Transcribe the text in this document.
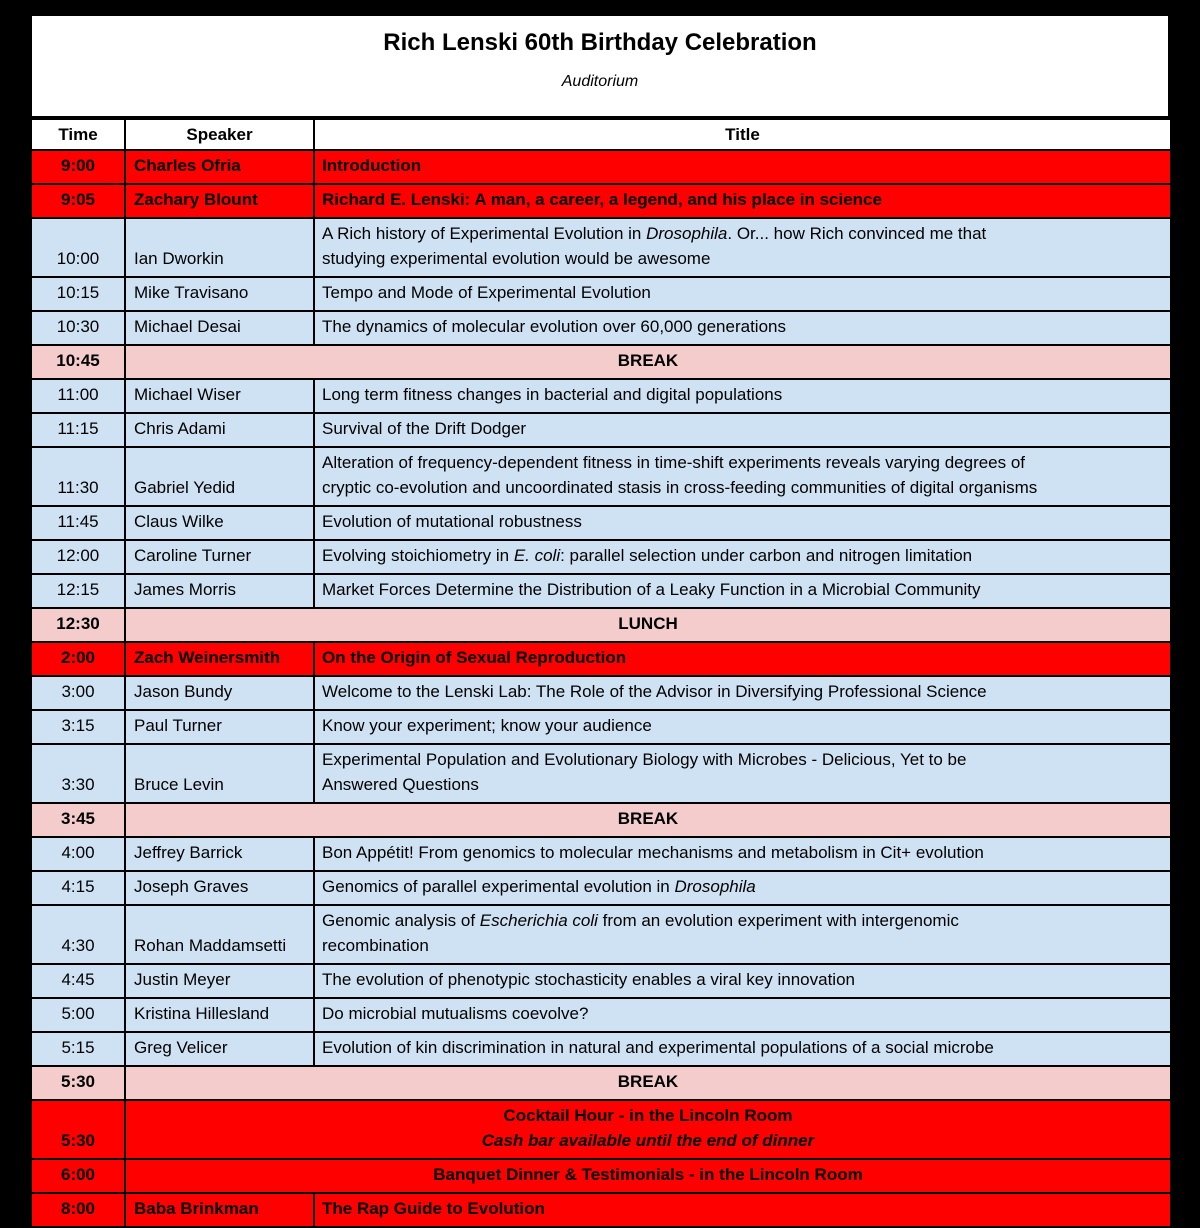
Rich Lenski 60th Birthday Celebration
Auditorium
Time	Speaker	Title
9:00	Charles Ofria	Introduction
9:05	Zachary Blount	Richard E. Lenski: A man, a career, a legend, and his place in science
10:00	Ian Dworkin	A Rich history of Experimental Evolution in Drosophila. Or... how Rich convinced me that
studying experimental evolution would be awesome
10:15	Mike Travisano	Tempo and Mode of Experimental Evolution
10:30	Michael Desai	The dynamics of molecular evolution over 60,000 generations
10:45	BREAK	
11:00	Michael Wiser	Long term fitness changes in bacterial and digital populations
11:15	Chris Adami	Survival of the Drift Dodger
11:30	Gabriel Yedid	Alteration of frequency-dependent fitness in time-shift experiments reveals varying degrees of
cryptic co-evolution and uncoordinated stasis in cross-feeding communities of digital organisms
11:45	Claus Wilke	Evolution of mutational robustness
12:00	Caroline Turner	Evolving stoichiometry in E. coli: parallel selection under carbon and nitrogen limitation
12:15	James Morris	Market Forces Determine the Distribution of a Leaky Function in a Microbial Community
12:30	LUNCH	
2:00	Zach Weinersmith	On the Origin of Sexual Reproduction
3:00	Jason Bundy	Welcome to the Lenski Lab: The Role of the Advisor in Diversifying Professional Science
3:15	Paul Turner	Know your experiment; know your audience
3:30	Bruce Levin	Experimental Population and Evolutionary Biology with Microbes - Delicious, Yet to be
Answered Questions
3:45	BREAK	
4:00	Jeffrey Barrick	Bon Appétit! From genomics to molecular mechanisms and metabolism in Cit+ evolution
4:15	Joseph Graves	Genomics of parallel experimental evolution in Drosophila
4:30	Rohan Maddamsetti	Genomic analysis of Escherichia coli from an evolution experiment with intergenomic
recombination
4:45	Justin Meyer	The evolution of phenotypic stochasticity enables a viral key innovation
5:00	Kristina Hillesland	Do microbial mutualisms coevolve?
5:15	Greg Velicer	Evolution of kin discrimination in natural and experimental populations of a social microbe
5:30	BREAK	
5:30	Cocktail Hour - in the Lincoln Room
Cash bar available until the end of dinner	

6:00	Banquet Dinner & Testimonials - in the Lincoln Room	
8:00	Baba Brinkman	The Rap Guide to Evolution
